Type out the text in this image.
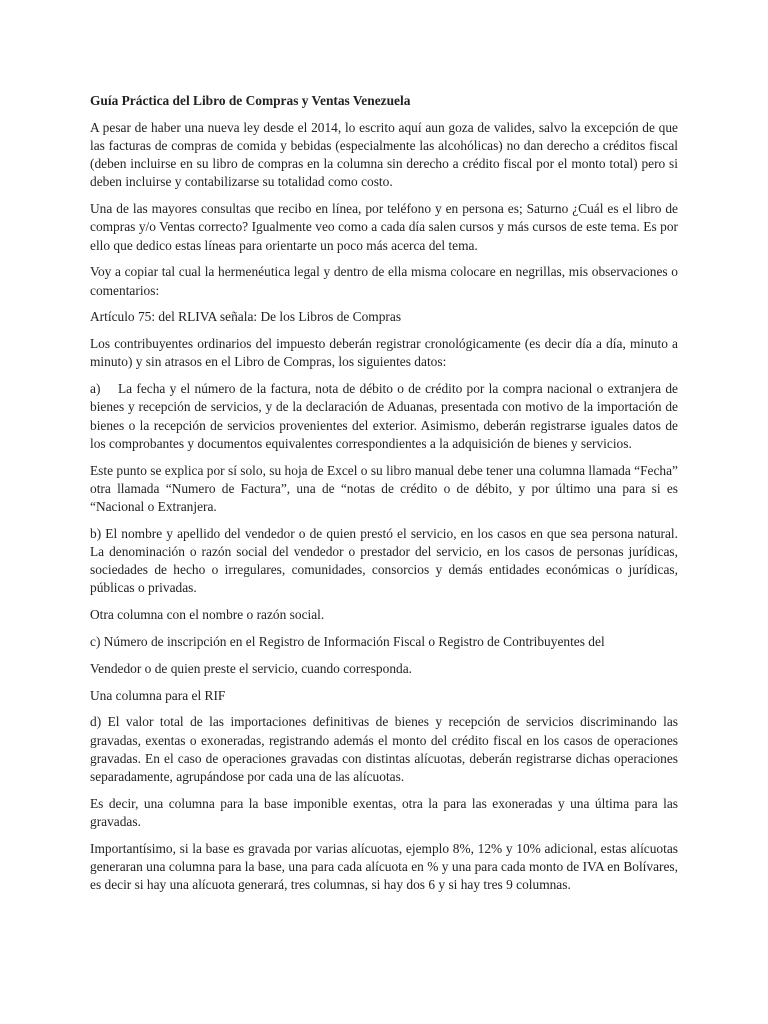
Guía Práctica del Libro de Compras y Ventas Venezuela

A pesar de haber una nueva ley desde el 2014, lo escrito aquí aun goza de valides, salvo la excepción de que las facturas de compras de comida y bebidas (especialmente las alcohólicas) no dan derecho a créditos fiscal (deben incluirse en su libro de compras en la columna sin derecho a crédito fiscal por el monto total) pero si deben incluirse y contabilizarse su totalidad como costo.

Una de las mayores consultas que recibo en línea, por teléfono y en persona es; Saturno ¿Cuál es el libro de compras y/o Ventas correcto? Igualmente veo como a cada día salen cursos y más cursos de este tema. Es por ello que dedico estas líneas para orientarte un poco más acerca del tema.

Voy a copiar tal cual la hermenéutica legal y dentro de ella misma colocare en negrillas, mis observaciones o comentarios:

Artículo 75: del RLIVA señala: De los Libros de Compras

Los contribuyentes ordinarios del impuesto deberán registrar cronológicamente (es decir día a día, minuto a minuto) y sin atrasos en el Libro de Compras, los siguientes datos:

a) La fecha y el número de la factura, nota de débito o de crédito por la compra nacional o extranjera de bienes y recepción de servicios, y de la declaración de Aduanas, presentada con motivo de la importación de bienes o la recepción de servicios provenientes del exterior. Asimismo, deberán registrarse iguales datos de los comprobantes y documentos equivalentes correspondientes a la adquisición de bienes y servicios.

Este punto se explica por sí solo, su hoja de Excel o su libro manual debe tener una columna llamada “Fecha” otra llamada “Numero de Factura”, una de “notas de crédito o de débito, y por último una para si es “Nacional o Extranjera.

b) El nombre y apellido del vendedor o de quien prestó el servicio, en los casos en que sea persona natural. La denominación o razón social del vendedor o prestador del servicio, en los casos de personas jurídicas, sociedades de hecho o irregulares, comunidades, consorcios y demás entidades económicas o jurídicas, públicas o privadas.

Otra columna con el nombre o razón social.

c) Número de inscripción en el Registro de Información Fiscal o Registro de Contribuyentes del

Vendedor o de quien preste el servicio, cuando corresponda.

Una columna para el RIF

d) El valor total de las importaciones definitivas de bienes y recepción de servicios discriminando las gravadas, exentas o exoneradas, registrando además el monto del crédito fiscal en los casos de operaciones gravadas. En el caso de operaciones gravadas con distintas alícuotas, deberán registrarse dichas operaciones separadamente, agrupándose por cada una de las alícuotas.

Es decir, una columna para la base imponible exentas, otra la para las exoneradas y una última para las gravadas.

Importantísimo, si la base es gravada por varias alícuotas, ejemplo 8%, 12% y 10% adicional, estas alícuotas generaran una columna para la base, una para cada alícuota en % y una para cada monto de IVA en Bolívares, es decir si hay una alícuota generará, tres columnas, si hay dos 6 y si hay tres 9 columnas.
